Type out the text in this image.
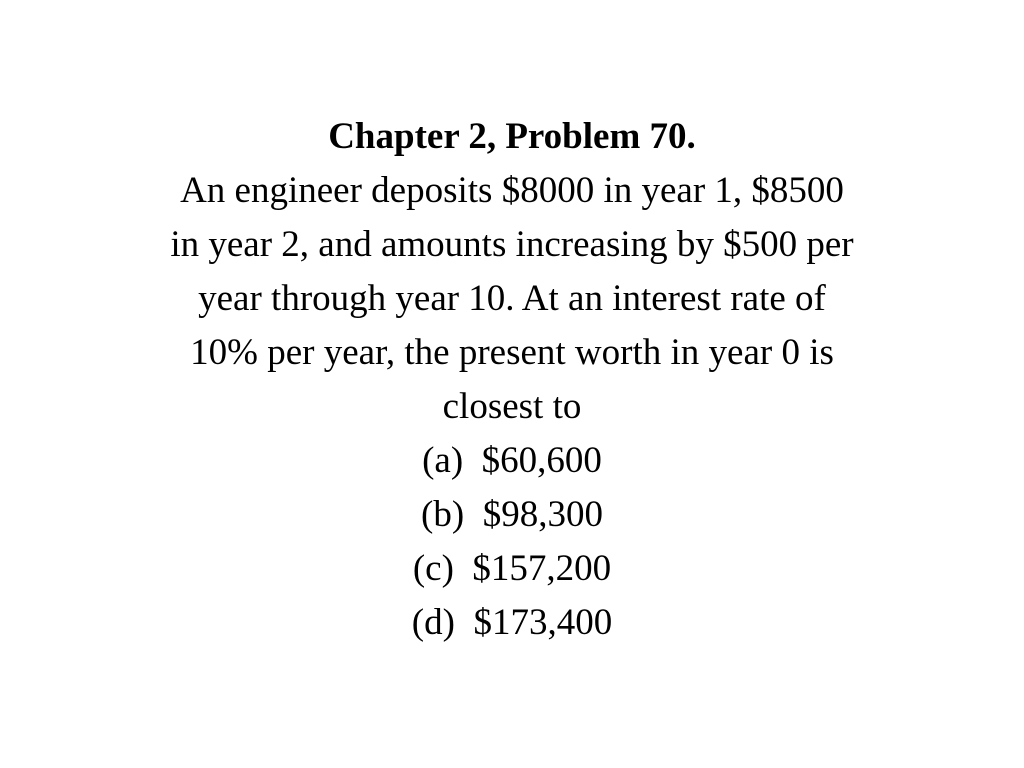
Chapter 2, Problem 70.

An engineer deposits $8000 in year 1, $8500

in year 2, and amounts increasing by $500 per

year through year 10. At an interest rate of

10% per year, the present worth in year 0 is

closest to

(a)  $60,600
(b)  $98,300
(c)  $157,200
(d)  $173,400
